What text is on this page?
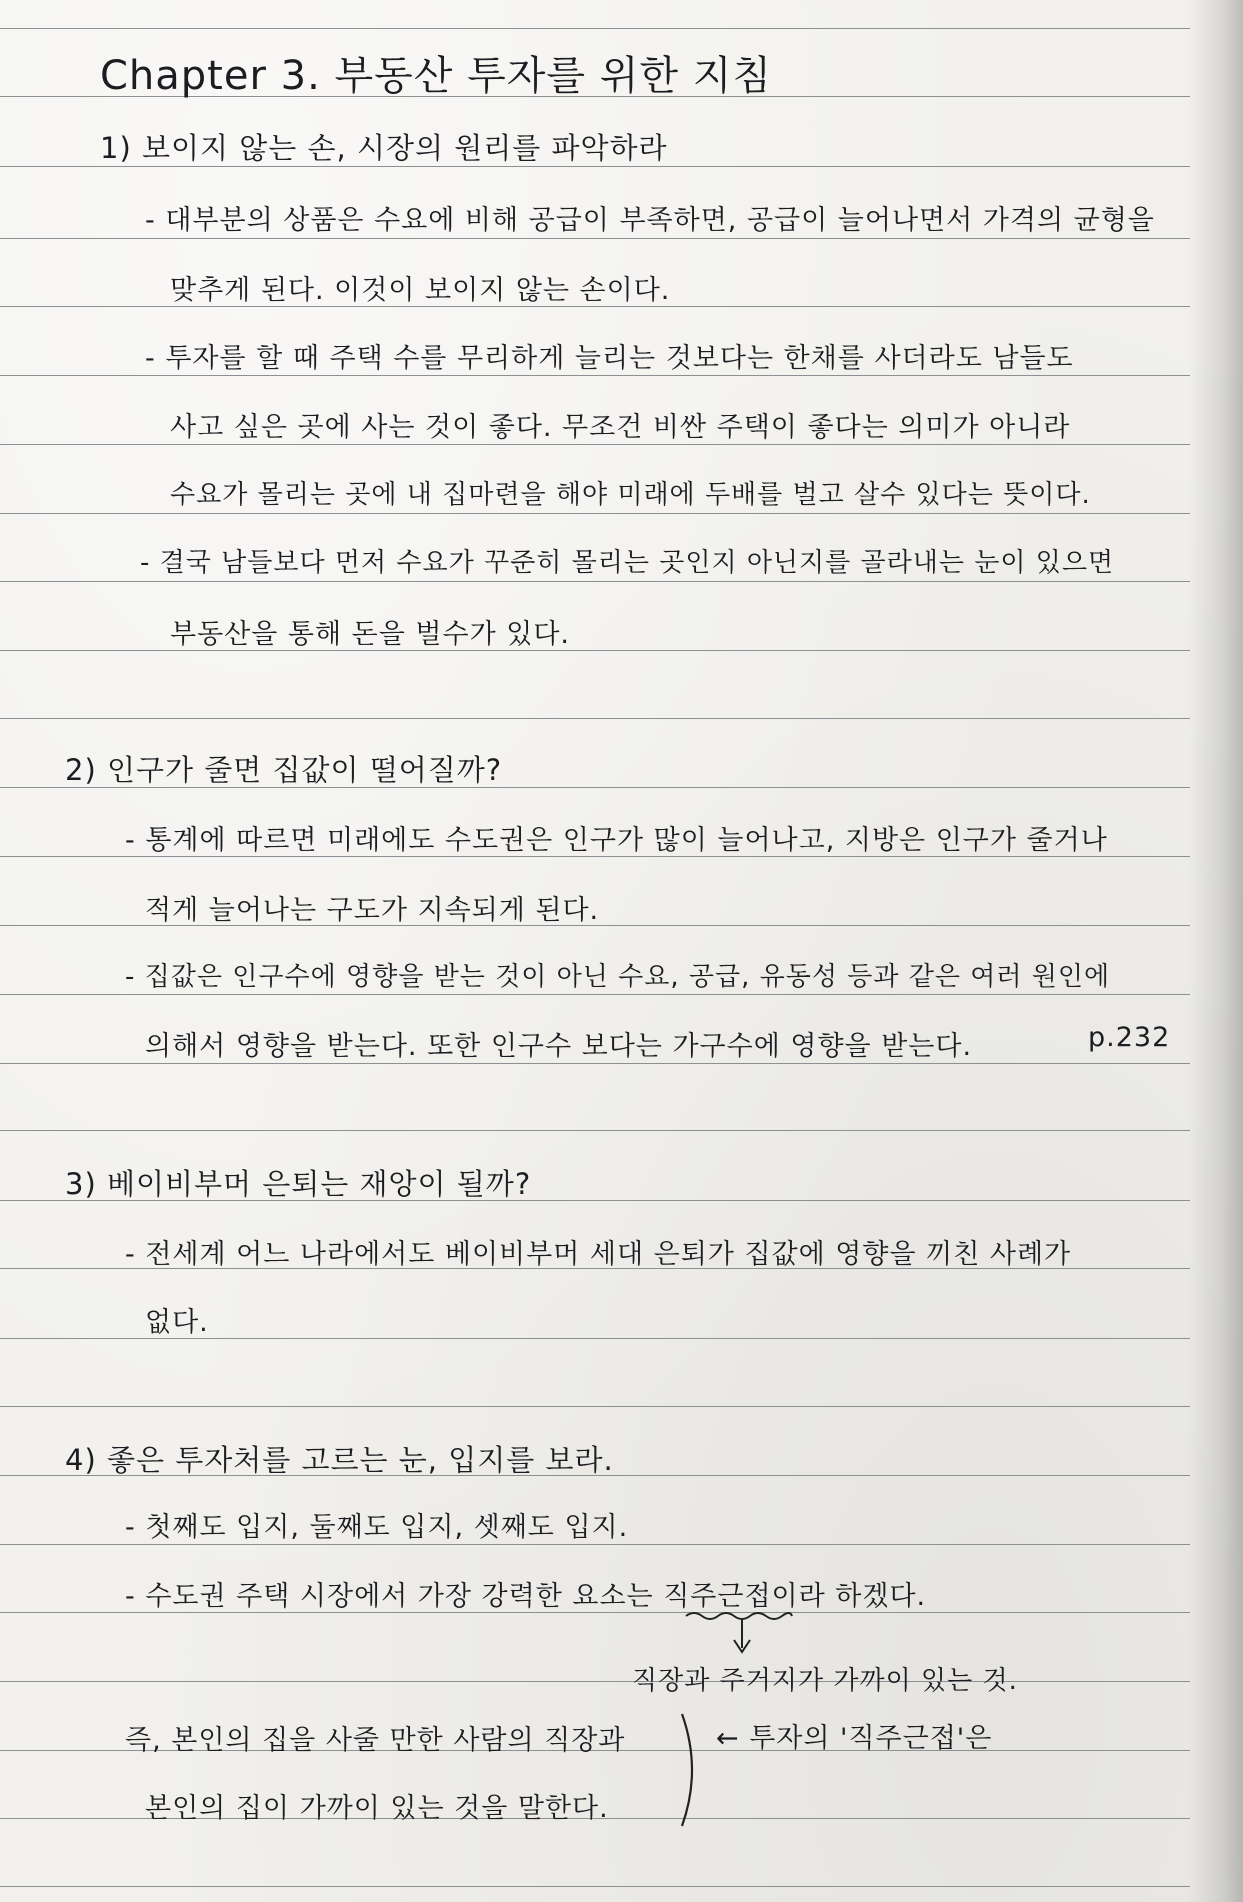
Chapter 3. 부동산 투자를 위한 지침
1) 보이지 않는 손, 시장의 원리를 파악하라
- 대부분의 상품은 수요에 비해 공급이 부족하면, 공급이 늘어나면서 가격의 균형을
맞추게 된다. 이것이 보이지 않는 손이다.
- 투자를 할 때 주택 수를 무리하게 늘리는 것보다는 한채를 사더라도 남들도
사고 싶은 곳에 사는 것이 좋다. 무조건 비싼 주택이 좋다는 의미가 아니라
수요가 몰리는 곳에 내 집마련을 해야 미래에 두배를 벌고 살수 있다는 뜻이다.
- 결국 남들보다 먼저 수요가 꾸준히 몰리는 곳인지 아닌지를 골라내는 눈이 있으면
부동산을 통해 돈을 벌수가 있다.
2) 인구가 줄면 집값이 떨어질까?
- 통계에 따르면 미래에도 수도권은 인구가 많이 늘어나고, 지방은 인구가 줄거나
적게 늘어나는 구도가 지속되게 된다.
- 집값은 인구수에 영향을 받는 것이 아닌 수요, 공급, 유동성 등과 같은 여러 원인에
의해서 영향을 받는다. 또한 인구수 보다는 가구수에 영향을 받는다.	p.232
3) 베이비부머 은퇴는 재앙이 될까?
- 전세계 어느 나라에서도 베이비부머 세대 은퇴가 집값에 영향을 끼친 사례가
없다.
4) 좋은 투자처를 고르는 눈, 입지를 보라.
- 첫째도 입지, 둘째도 입지, 셋째도 입지.
- 수도권 주택 시장에서 가장 강력한 요소는 직주근접이라 하겠다.
직장과 주거지가 가까이 있는 것.
즉, 본인의 집을 사줄 만한 사람의 직장과	← 투자의 '직주근접'은
본인의 집이 가까이 있는 것을 말한다.
